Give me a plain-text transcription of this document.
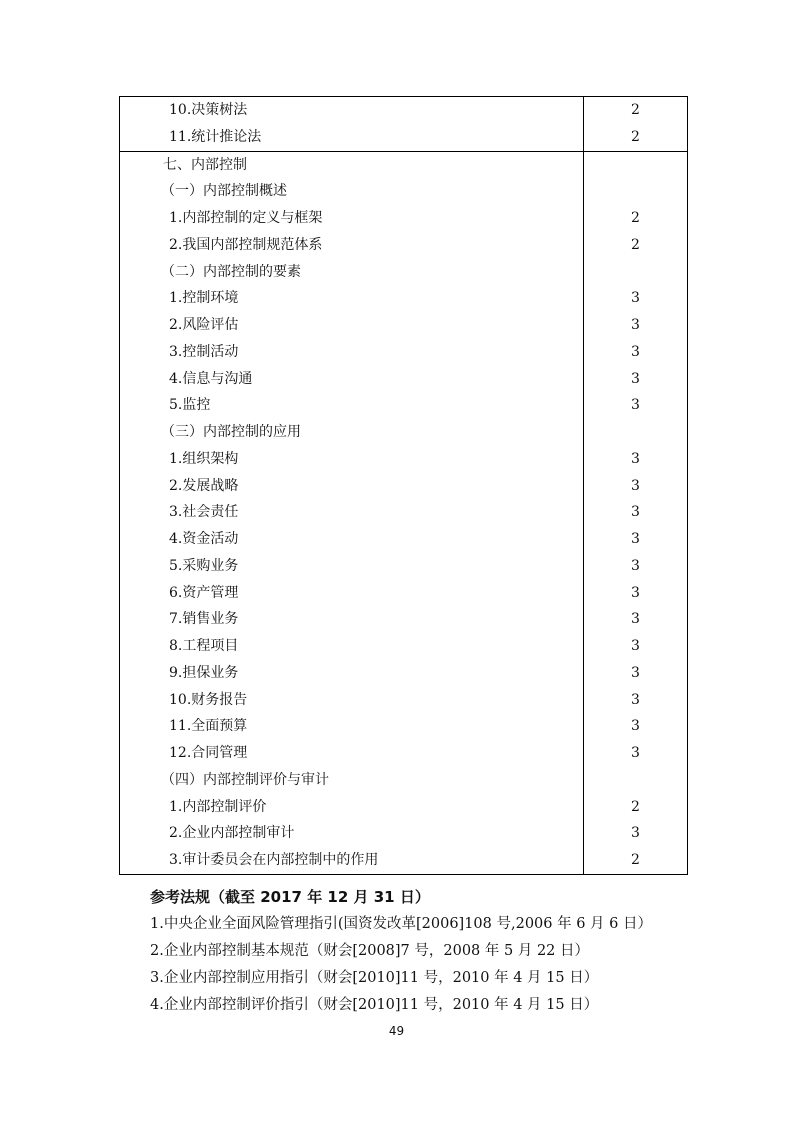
10.决策树法	2
11.统计推论法	2
七、内部控制	
（一）内部控制概述	
1.内部控制的定义与框架	2
2.我国内部控制规范体系	2
（二）内部控制的要素	
1.控制环境	3
2.风险评估	3
3.控制活动	3
4.信息与沟通	3
5.监控	3
（三）内部控制的应用	
1.组织架构	3
2.发展战略	3
3.社会责任	3
4.资金活动	3
5.采购业务	3
6.资产管理	3
7.销售业务	3
8.工程项目	3
9.担保业务	3
10.财务报告	3
11.全面预算	3
12.合同管理	3
（四）内部控制评价与审计	
1.内部控制评价	2
2.企业内部控制审计	3
3.审计委员会在内部控制中的作用	2
参考法规（截至 2017 年 12 月 31 日）
1.中央企业全面风险管理指引(国资发改革[2006]108 号,2006 年 6 月 6 日）
2.企业内部控制基本规范（财会[2008]7 号，2008 年 5 月 22 日）
3.企业内部控制应用指引（财会[2010]11 号，2010 年 4 月 15 日）
4.企业内部控制评价指引（财会[2010]11 号，2010 年 4 月 15 日）
49
